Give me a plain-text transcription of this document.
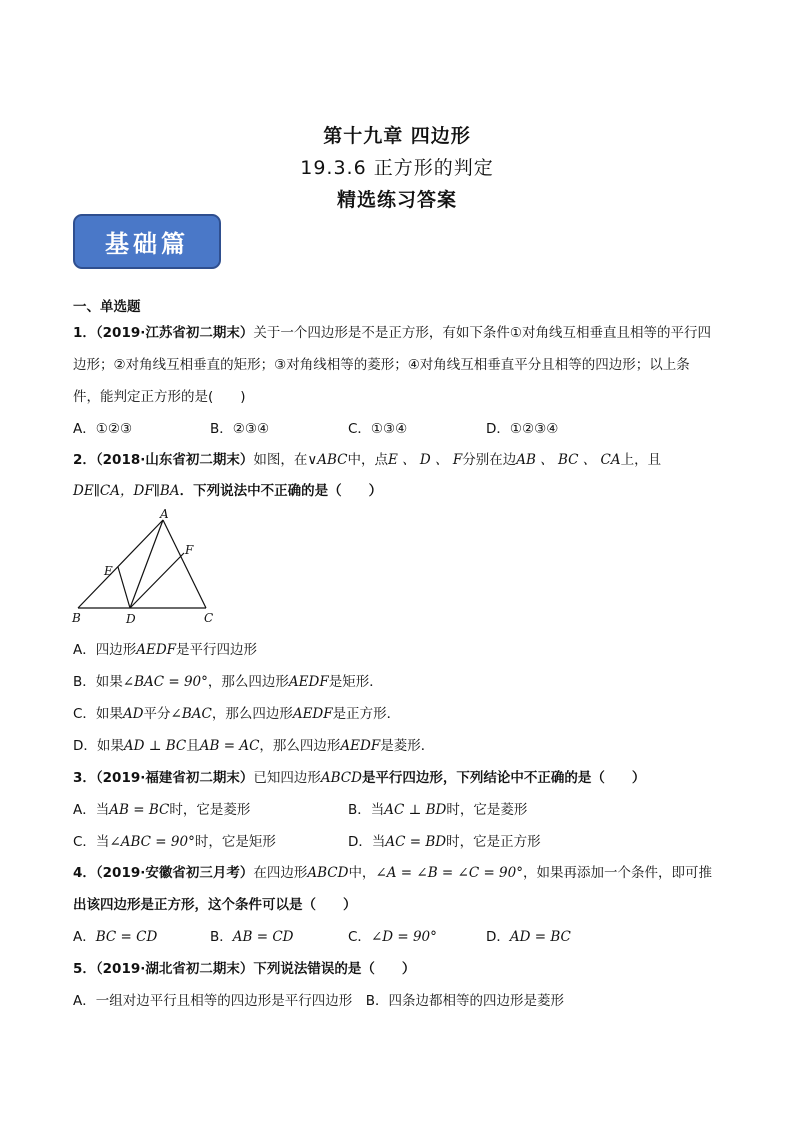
第十九章 四边形
19.3.6 正方形的判定
精选练习答案
基础篇
一、单选题
1．（2019·江苏省初二期末）关于一个四边形是不是正方形，有如下条件①对角线互相垂直且相等的平行四
边形；②对角线互相垂直的矩形；③对角线相等的菱形；④对角线互相垂直平分且相等的四边形；以上条
件，能判定正方形的是(　　)
A．①②③	B．②③④	C．①③④	D．①②③④
2．（2018·山东省初二期末）如图，在∨ABC中，点E 、 D 、 F分别在边AB 、 BC 、 CA上，且
DE∥CA，DF∥BA．下列说法中不正确的是（　　）
A
B	C
D
E
F
A．四边形AEDF是平行四边形
B．如果∠BAC = 90°，那么四边形AEDF是矩形．
C．如果AD平分∠BAC，那么四边形AEDF是正方形．
D．如果AD ⊥ BC且AB = AC，那么四边形AEDF是菱形．
3．（2019·福建省初二期末）已知四边形ABCD是平行四边形，下列结论中不正确的是（　　）
A．当AB = BC时，它是菱形	B．当AC ⊥ BD时，它是菱形
C．当∠ABC = 90°时，它是矩形	D．当AC = BD时，它是正方形
4．（2019·安徽省初三月考）在四边形ABCD中，∠A = ∠B = ∠C = 90°，如果再添加一个条件，即可推
出该四边形是正方形，这个条件可以是（　　）
A．BC = CD	B．AB = CD	C．∠D = 90°	D．AD = BC
5．（2019·湖北省初二期末）下列说法错误的是（　　）
A．一组对边平行且相等的四边形是平行四边形　B．四条边都相等的四边形是菱形
